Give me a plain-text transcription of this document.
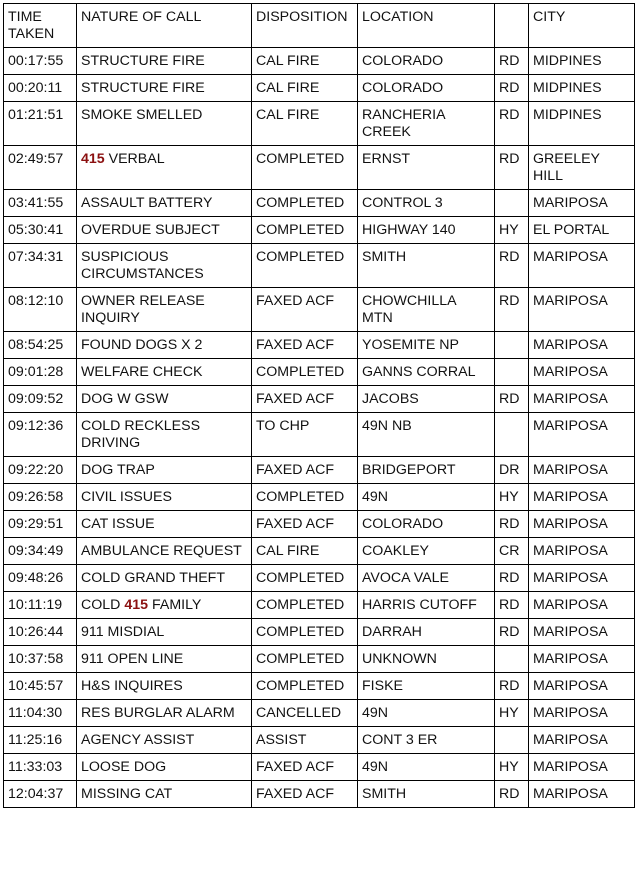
TIME TAKEN	NATURE OF CALL	DISPOSITION	LOCATION		CITY
00:17:55	STRUCTURE FIRE	CAL FIRE	COLORADO	RD	MIDPINES
00:20:11	STRUCTURE FIRE	CAL FIRE	COLORADO	RD	MIDPINES
01:21:51	SMOKE SMELLED	CAL FIRE	RANCHERIA CREEK	RD	MIDPINES
02:49:57	415 VERBAL	COMPLETED	ERNST	RD	GREELEY HILL
03:41:55	ASSAULT BATTERY	COMPLETED	CONTROL 3		MARIPOSA
05:30:41	OVERDUE SUBJECT	COMPLETED	HIGHWAY 140	HY	EL PORTAL
07:34:31	SUSPICIOUS CIRCUMSTANCES	COMPLETED	SMITH	RD	MARIPOSA
08:12:10	OWNER RELEASE INQUIRY	FAXED ACF	CHOWCHILLA MTN	RD	MARIPOSA
08:54:25	FOUND DOGS X 2	FAXED ACF	YOSEMITE NP		MARIPOSA
09:01:28	WELFARE CHECK	COMPLETED	GANNS CORRAL		MARIPOSA
09:09:52	DOG W GSW	FAXED ACF	JACOBS	RD	MARIPOSA
09:12:36	COLD RECKLESS DRIVING	TO CHP	49N NB		MARIPOSA
09:22:20	DOG TRAP	FAXED ACF	BRIDGEPORT	DR	MARIPOSA
09:26:58	CIVIL ISSUES	COMPLETED	49N	HY	MARIPOSA
09:29:51	CAT ISSUE	FAXED ACF	COLORADO	RD	MARIPOSA
09:34:49	AMBULANCE REQUEST	CAL FIRE	COAKLEY	CR	MARIPOSA
09:48:26	COLD GRAND THEFT	COMPLETED	AVOCA VALE	RD	MARIPOSA
10:11:19	COLD 415 FAMILY	COMPLETED	HARRIS CUTOFF	RD	MARIPOSA
10:26:44	911 MISDIAL	COMPLETED	DARRAH	RD	MARIPOSA
10:37:58	911 OPEN LINE	COMPLETED	UNKNOWN		MARIPOSA
10:45:57	H&S INQUIRES	COMPLETED	FISKE	RD	MARIPOSA
11:04:30	RES BURGLAR ALARM	CANCELLED	49N	HY	MARIPOSA
11:25:16	AGENCY ASSIST	ASSIST	CONT 3 ER		MARIPOSA
11:33:03	LOOSE DOG	FAXED ACF	49N	HY	MARIPOSA
12:04:37	MISSING CAT	FAXED ACF	SMITH	RD	MARIPOSA
